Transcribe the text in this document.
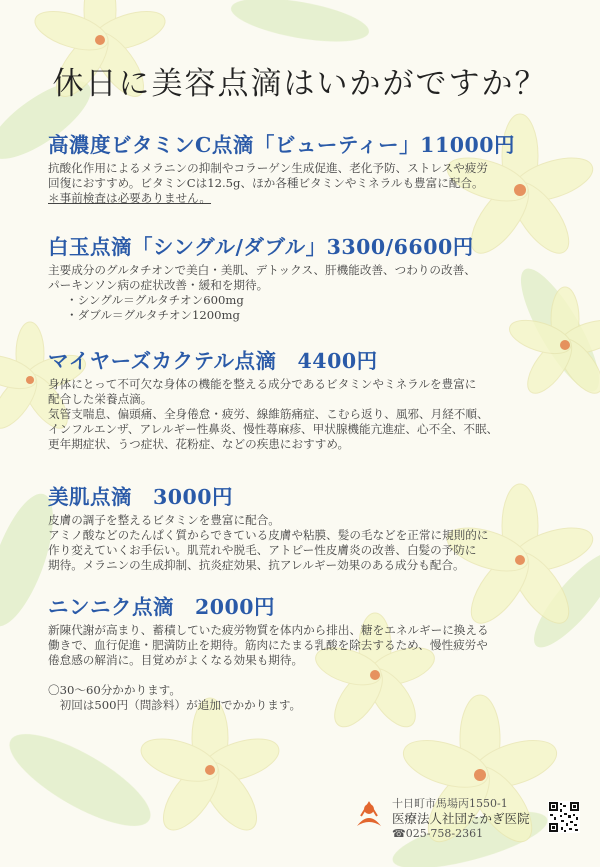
休日に美容点滴はいかがですか？
高濃度ビタミンC点滴「ビューティー」11000円
抗酸化作用によるメラニンの抑制やコラーゲン生成促進、老化予防、ストレスや疲労
回復におすすめ。ビタミンCは12.5g、ほか各種ビタミンやミネラルも豊富に配合。
＊事前検査は必要ありません。
白玉点滴「シングル/ダブル」3300/6600円
主要成分のグルタチオンで美白・美肌、デトックス、肝機能改善、つわりの改善、
パーキンソン病の症状改善・緩和を期待。
・シングル＝グルタチオン600mg
・ダブル＝グルタチオン1200mg
マイヤーズカクテル点滴　4400円
身体にとって不可欠な身体の機能を整える成分であるビタミンやミネラルを豊富に
配合した栄養点滴。
気管支喘息、偏頭痛、全身倦怠・疲労、線維筋痛症、こむら返り、風邪、月経不順、
インフルエンザ、アレルギー性鼻炎、慢性蕁麻疹、甲状腺機能亢進症、心不全、不眠、
更年期症状、うつ症状、花粉症、などの疾患におすすめ。
美肌点滴　3000円
皮膚の調子を整えるビタミンを豊富に配合。
アミノ酸などのたんぱく質からできている皮膚や粘膜、髪の毛などを正常に規則的に
作り変えていくお手伝い。肌荒れや脱毛、アトピー性皮膚炎の改善、白髪の予防に
期待。メラニンの生成抑制、抗炎症効果、抗アレルギー効果のある成分も配合。
ニンニク点滴　2000円
新陳代謝が高まり、蓄積していた疲労物質を体内から排出、糖をエネルギーに換える
働きで、血行促進・肥満防止を期待。筋肉にたまる乳酸を除去するため、慢性疲労や
倦怠感の解消に。目覚めがよくなる効果も期待。
〇30～60分かかります。
　初回は500円（問診料）が追加でかかります。
十日町市馬場丙1550-1
医療法人社団たかぎ医院
☎025-758-2361
